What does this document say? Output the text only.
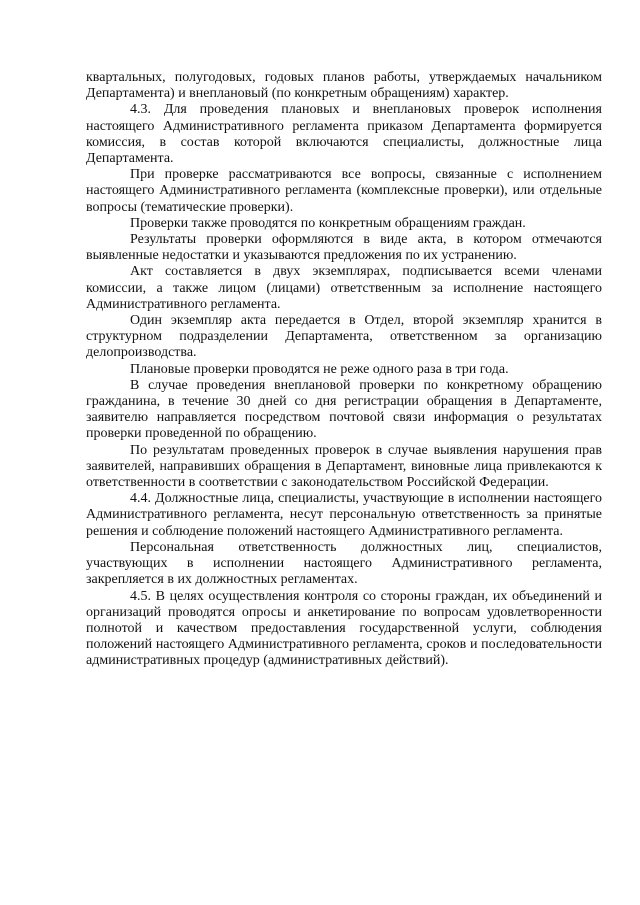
квартальных, полугодовых, годовых планов работы, утверждаемых начальником Департамента) и внеплановый (по конкретным обращениям) характер.

4.3. Для проведения плановых и внеплановых проверок исполнения настоящего Административного регламента приказом Департамента формируется комиссия, в состав которой включаются специалисты, должностные лица Департамента.

При проверке рассматриваются все вопросы, связанные с исполнением настоящего Административного регламента (комплексные проверки), или отдельные вопросы (тематические проверки).

Проверки также проводятся по конкретным обращениям граждан.

Результаты проверки оформляются в виде акта, в котором отмечаются выявленные недостатки и указываются предложения по их устранению.

Акт составляется в двух экземплярах, подписывается всеми членами комиссии, а также лицом (лицами) ответственным за исполнение настоящего Административного регламента.

Один экземпляр акта передается в Отдел, второй экземпляр хранится в структурном подразделении Департамента, ответственном за организацию делопроизводства.

Плановые проверки проводятся не реже одного раза в три года.

В случае проведения внеплановой проверки по конкретному обращению гражданина, в течение 30 дней со дня регистрации обращения в Департаменте, заявителю направляется посредством почтовой связи информация о результатах проверки проведенной по обращению.

По результатам проведенных проверок в случае выявления нарушения прав заявителей, направивших обращения в Департамент, виновные лица привлекаются к ответственности в соответствии с законодательством Российской Федерации.

4.4. Должностные лица, специалисты, участвующие в исполнении настоящего Административного регламента, несут персональную ответственность за принятые решения и соблюдение положений настоящего Административного регламента.

Персональная ответственность должностных лиц, специалистов, участвующих в исполнении настоящего Административного регламента, закрепляется в их должностных регламентах.

4.5. В целях осуществления контроля со стороны граждан, их объединений и организаций проводятся опросы и анкетирование по вопросам удовлетворенности полнотой и качеством предоставления государственной услуги, соблюдения положений настоящего Административного регламента, сроков и последовательности административных процедур (административных действий).
